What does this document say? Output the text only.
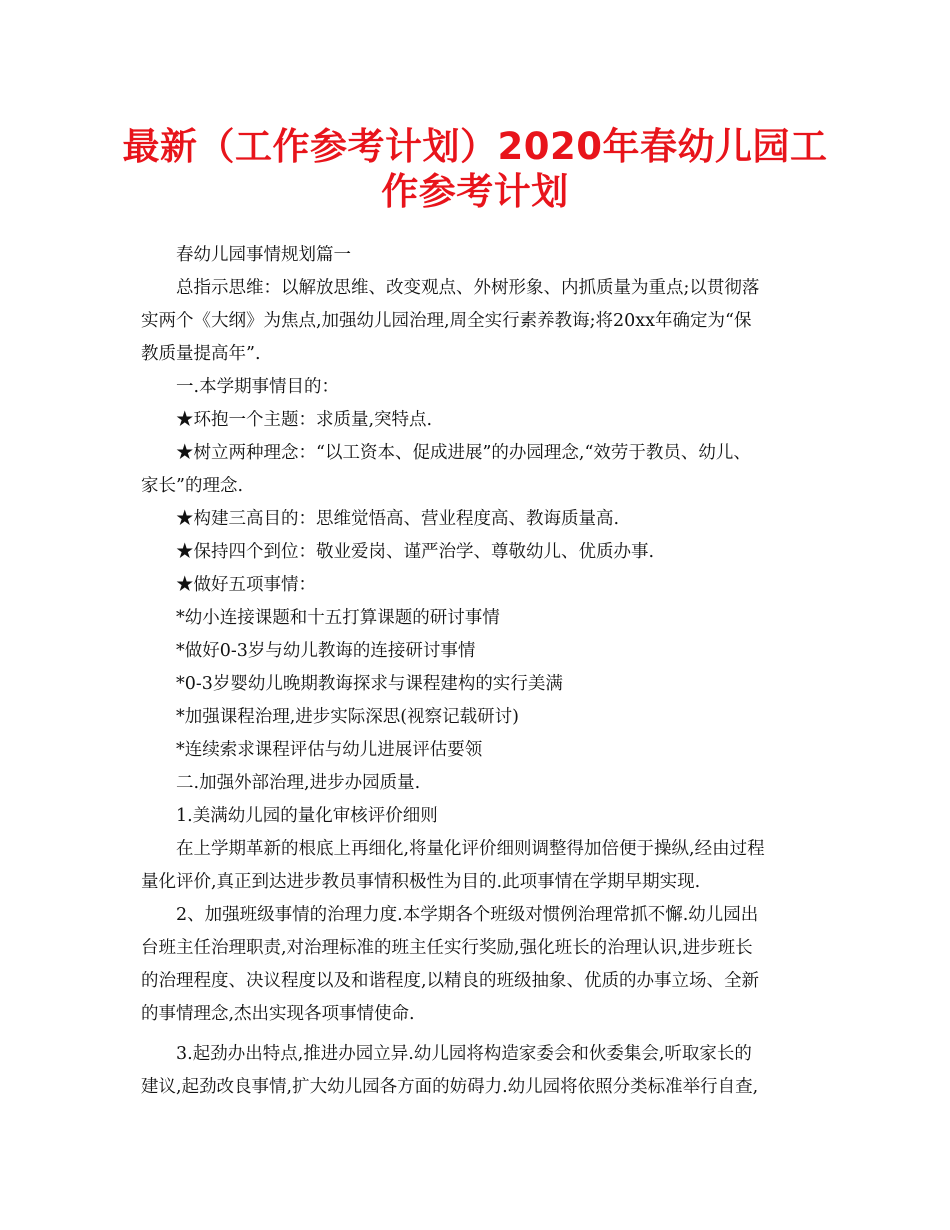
最新（工作参考计划）2020年春幼儿园工
作参考计划
春幼儿园事情规划篇一
总指示思维：以解放思维、改变观点、外树形象、内抓质量为重点;以贯彻落
实两个《大纲》为焦点,加强幼儿园治理,周全实行素养教诲;将20xx年确定为“保
教质量提高年”.
一.本学期事情目的：
★环抱一个主题：求质量,突特点.
★树立两种理念：“以工资本、促成进展”的办园理念,“效劳于教员、幼儿、
家长”的理念.
★构建三高目的：思维觉悟高、营业程度高、教诲质量高.
★保持四个到位：敬业爱岗、谨严治学、尊敬幼儿、优质办事.
★做好五项事情：
*幼小连接课题和十五打算课题的研讨事情
*做好0-3岁与幼儿教诲的连接研讨事情
*0-3岁婴幼儿晚期教诲探求与课程建构的实行美满
*加强课程治理,进步实际深思(视察记载研讨)
*连续索求课程评估与幼儿进展评估要领
二.加强外部治理,进步办园质量.
1.美满幼儿园的量化审核评价细则
在上学期革新的根底上再细化,将量化评价细则调整得加倍便于操纵,经由过程
量化评价,真正到达进步教员事情积极性为目的.此项事情在学期早期实现.
2、加强班级事情的治理力度.本学期各个班级对惯例治理常抓不懈.幼儿园出
台班主任治理职责,对治理标准的班主任实行奖励,强化班长的治理认识,进步班长
的治理程度、决议程度以及和谐程度,以精良的班级抽象、优质的办事立场、全新
的事情理念,杰出实现各项事情使命.
3.起劲办出特点,推进办园立异.幼儿园将构造家委会和伙委集会,听取家长的
建议,起劲改良事情,扩大幼儿园各方面的妨碍力.幼儿园将依照分类标准举行自查,
